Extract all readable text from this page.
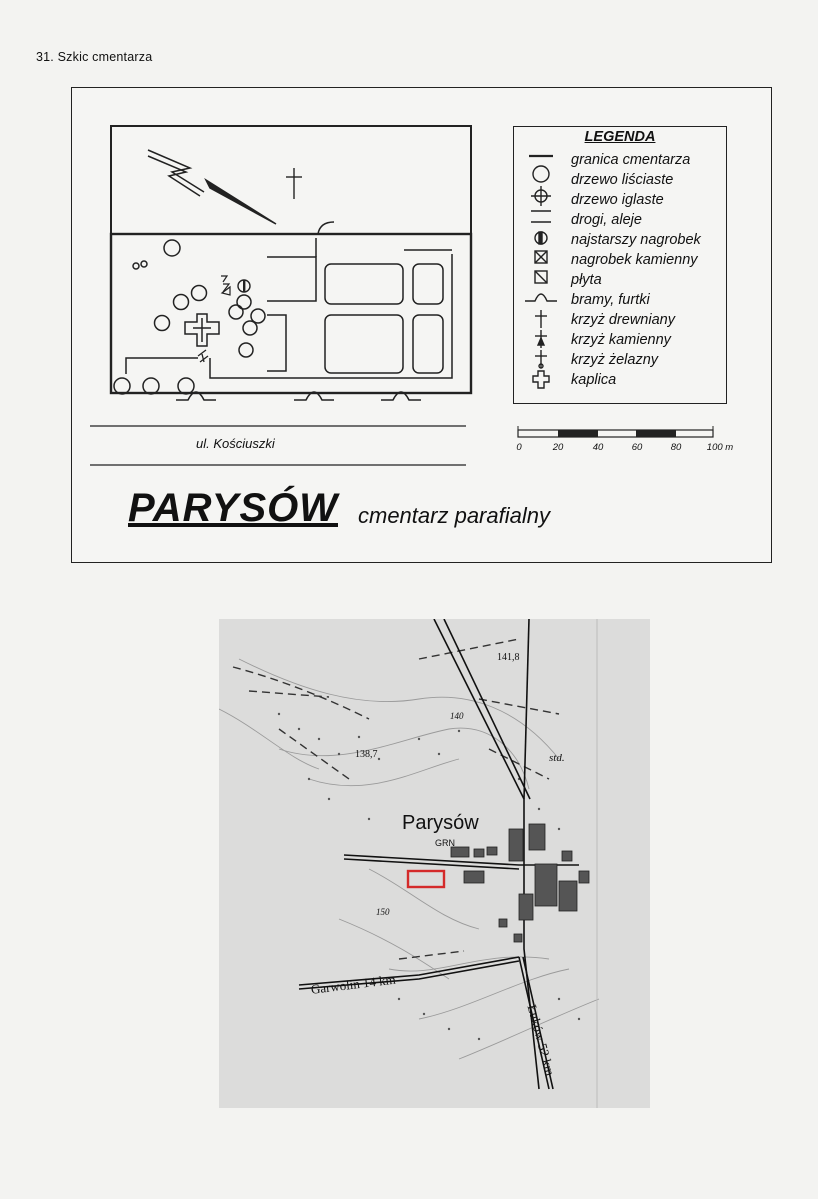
31. Szkic cmentarza
LEGENDA
granica cmentarza
drzewo liściaste
drzewo iglaste
drogi, aleje
najstarszy nagrobek
nagrobek kamienny
płyta
bramy, furtki
krzyż drewniany
krzyż kamienny
krzyż żelazny
kaplica
ul. Kościuszki	0	20	40	60	80	100 m
PARYSÓW cmentarz parafialny
141,8
138,7
140
150
std.
Parysów
GRN
Garwolin 14 km
Łuków 52 km
